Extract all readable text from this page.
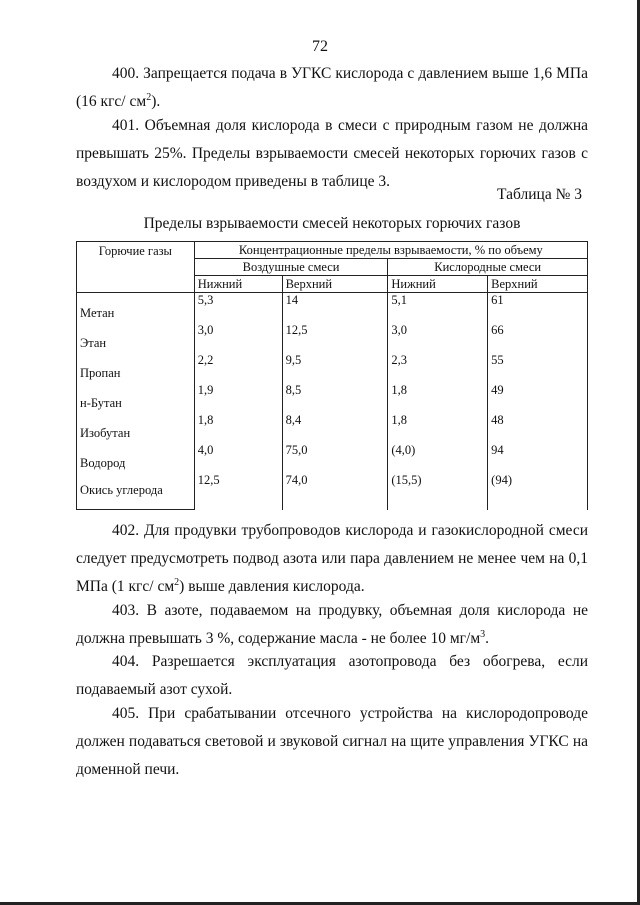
72

400. Запрещается подача в УГКС кислорода с давлением выше 1,6 МПа (16 кгс/ $см^2$).

401. Объемная доля кислорода в смеси с природным газом не должна превышать 25%. Пределы взрываемости смесей некоторых горючих газов с воздухом и кислородом приведены в таблице 3.

Таблица № 3
Пределы взрываемости смесей некоторых горючих газов
Горючие газы	Концентрационные пределы взрываемости, % по объему			
	Воздушные смеси		Кислородные смеси	
	Нижний	Верхний	Нижний	Верхний
Метан	5,3	14	5,1	61
Этан	3,0	12,5	3,0	66
Пропан	2,2	9,5	2,3	55
н-Бутан	1,9	8,5	1,8	49
Изобутан	1,8	8,4	1,8	48
Водород	4,0	75,0	(4,0)	94
Окись углерода	12,5	74,0	(15,5)	(94)

402. Для продувки трубопроводов кислорода и газокислородной смеси следует предусмотреть подвод азота или пара давлением не менее чем на 0,1 МПа (1 кгс/ $см^2$) выше давления кислорода.

403. В азоте, подаваемом на продувку, объемная доля кислорода не должна превышать 3 %, содержание масла - не более 10 $мг/м^3$.

404. Разрешается эксплуатация азотопровода без обогрева, если подаваемый азот сухой.

405. При срабатывании отсечного устройства на кислородопроводе должен подаваться световой и звуковой сигнал на щите управления УГКС на доменной печи.
